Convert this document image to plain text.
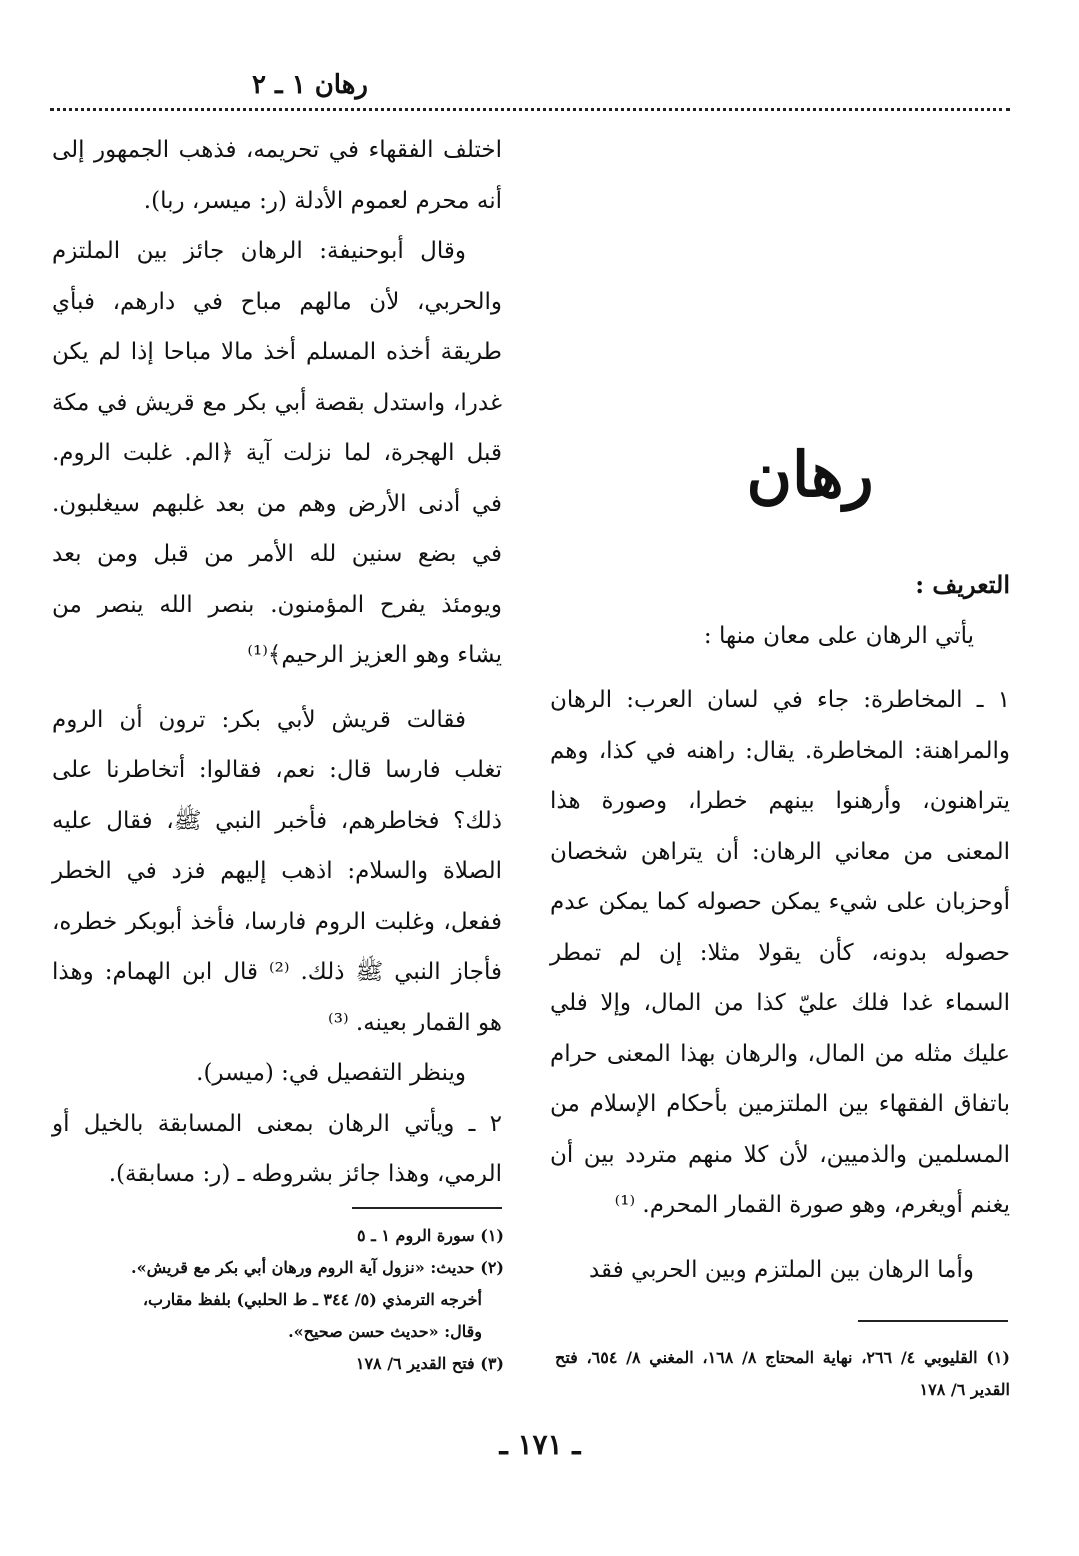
رهان ١ ـ ٢
رهان

التعريف :

يأتي الرهان على معان منها :

١ ـ المخاطرة: جاء في لسان العرب: الرهان والمراهنة: المخاطرة. يقال: راهنه في كذا، وهم يتراهنون، وأرهنوا بينهم خطرا، وصورة هذا المعنى من معاني الرهان: أن يتراهن شخصان أوحزبان على شيء يمكن حصوله كما يمكن عدم حصوله بدونه، كأن يقولا مثلا: إن لم تمطر السماء غدا فلك عليّ كذا من المال، وإلا فلي عليك مثله من المال، والرهان بهذا المعنى حرام باتفاق الفقهاء بين الملتزمين بأحكام الإسلام من المسلمين والذميين، لأن كلا منهم متردد بين أن يغنم أويغرم، وهو صورة القمار المحرم. ⁽¹⁾

وأما الرهان بين الملتزم وبين الحربي فقد

اختلف الفقهاء في تحريمه، فذهب الجمهور إلى أنه محرم لعموم الأدلة (ر: ميسر، ربا).

وقال أبوحنيفة: الرهان جائز بين الملتزم والحربي، لأن مالهم مباح في دارهم، فبأي طريقة أخذه المسلم أخذ مالا مباحا إذا لم يكن غدرا، واستدل بقصة أبي بكر مع قريش في مكة قبل الهجرة، لما نزلت آية ﴿الم. غلبت الروم. في أدنى الأرض وهم من بعد غلبهم سيغلبون. في بضع سنين لله الأمر من قبل ومن بعد ويومئذ يفرح المؤمنون. بنصر الله ينصر من يشاء وهو العزيز الرحيم﴾⁽¹⁾

فقالت قريش لأبي بكر: ترون أن الروم تغلب فارسا قال: نعم، فقالوا: أتخاطرنا على ذلك؟ فخاطرهم، فأخبر النبي ﷺ، فقال عليه الصلاة والسلام: اذهب إليهم فزد في الخطر ففعل، وغلبت الروم فارسا، فأخذ أبوبكر خطره، فأجاز النبي ﷺ ذلك. ⁽²⁾ قال ابن الهمام: وهذا هو القمار بعينه. ⁽³⁾

وينظر التفصيل في: (ميسر).

٢ ـ ويأتي الرهان بمعنى المسابقة بالخيل أو الرمي، وهذا جائز بشروطه ـ (ر: مسابقة).

(١) سورة الروم ١ ـ ٥
(٢) حديث: «نزول آية الروم ورهان أبي بكر مع قريش».
أخرجه الترمذي (٥/ ٣٤٤ ـ ط الحلبي) بلفظ مقارب،
وقال: «حديث حسن صحيح».
(٣) فتح القدير ٦/ ١٧٨	(١) القليوبي ٤/ ٢٦٦، نهاية المحتاج ٨/ ١٦٨، المغني ٨/ ٦٥٤، فتح القدير ٦/ ١٧٨
ـ ١٧١ ـ
